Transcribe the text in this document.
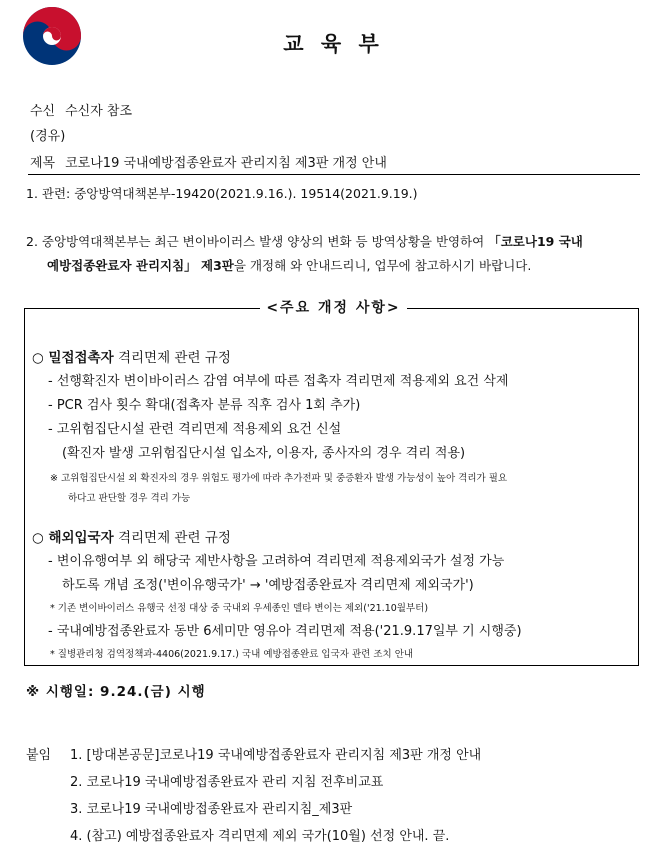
교 육 부
수신 수신자 참조
(경유)
제목 코로나19 국내예방접종완료자 관리지침 제3판 개정 안내
1. 관련: 중앙방역대책본부-19420(2021.9.16.). 19514(2021.9.19.)
2. 중앙방역대책본부는 최근 변이바이러스 발생 양상의 변화 등 방역상황을 반영하여 「코로나19 국내
예방접종완료자 관리지침」 제3판을 개정해 와 안내드리니, 업무에 참고하시기 바랍니다.
<주요 개정 사항>
○ 밀접접촉자 격리면제 관련 규정
- 선행확진자 변이바이러스 감염 여부에 따른 접촉자 격리면제 적용제외 요건 삭제
- PCR 검사 횟수 확대(접촉자 분류 직후 검사 1회 추가)
- 고위험집단시설 관련 격리면제 적용제외 요건 신설
(확진자 발생 고위험집단시설 입소자, 이용자, 종사자의 경우 격리 적용)
※ 고위험집단시설 외 확진자의 경우 위험도 평가에 따라 추가전파 및 중증환자 발생 가능성이 높아 격리가 필요
하다고 판단할 경우 격리 가능
○ 해외입국자 격리면제 관련 규정
- 변이유행여부 외 해당국 제반사항을 고려하여 격리면제 적용제외국가 설정 가능
하도록 개념 조정('변이유행국가' → '예방접종완료자 격리면제 제외국가')
* 기존 변이바이러스 유행국 선정 대상 중 국내외 우세종인 델타 변이는 제외('21.10월부터)
- 국내예방접종완료자 동반 6세미만 영유아 격리면제 적용('21.9.17일부 기 시행중)
* 질병관리청 검역정책과-4406(2021.9.17.) 국내 예방접종완료 입국자 관련 조치 안내
※ 시행일: 9.24.(금) 시행
붙임 1. [방대본공문]코로나19 국내예방접종완료자 관리지침 제3판 개정 안내
2. 코로나19 국내예방접종완료자 관리 지침 전후비교표
3. 코로나19 국내예방접종완료자 관리지침_제3판
4. (참고) 예방접종완료자 격리면제 제외 국가(10월) 선정 안내. 끝.
